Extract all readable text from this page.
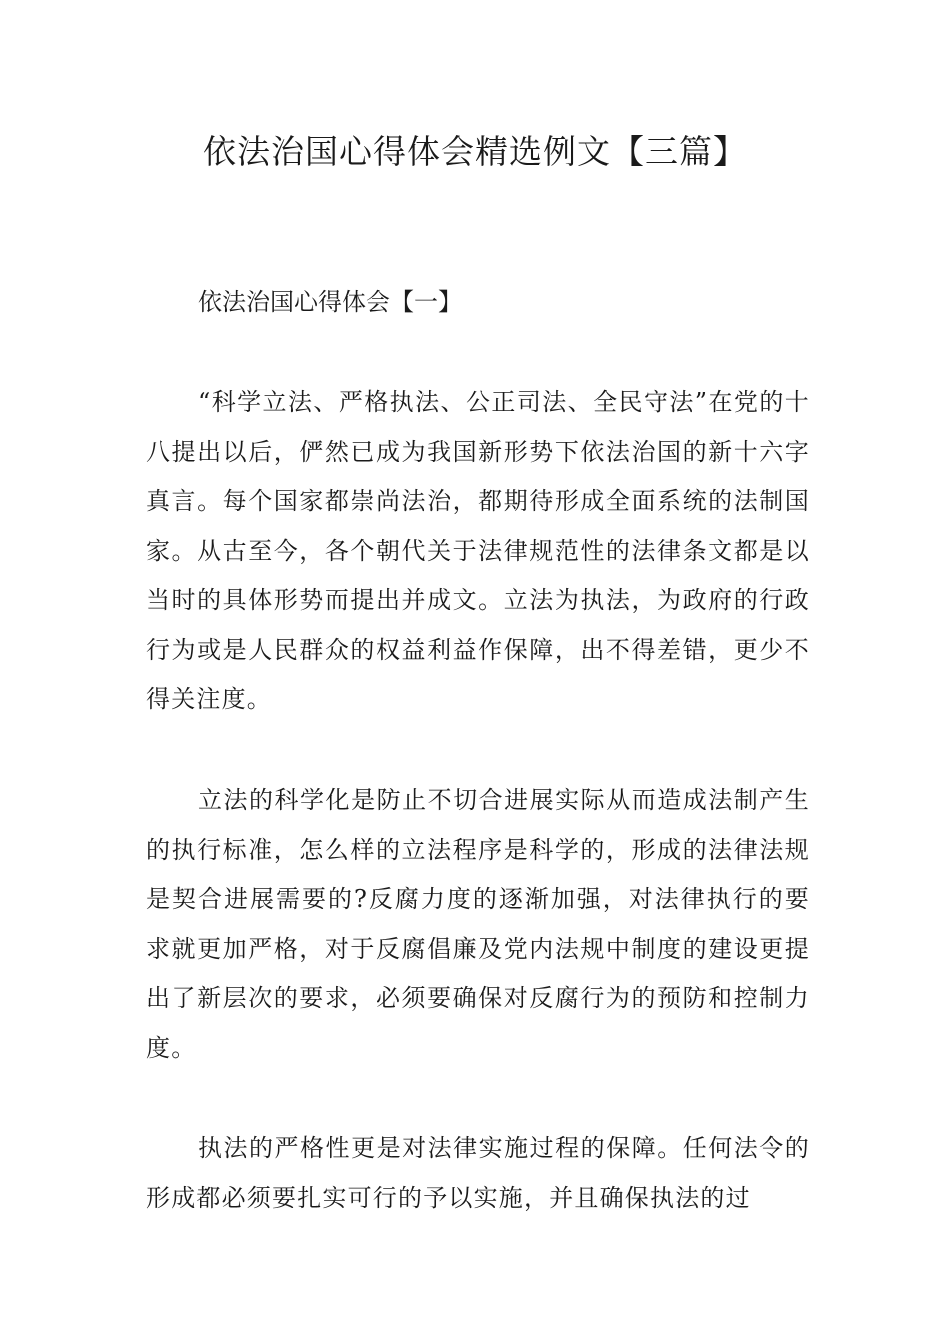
依法治国心得体会精选例文【三篇】
依法治国心得体会【一】

“科学立法、严格执法、公正司法、全民守法”在党的十八提出以后，俨然已成为我国新形势下依法治国的新十六字真言。每个国家都崇尚法治，都期待形成全面系统的法制国家。从古至今，各个朝代关于法律规范性的法律条文都是以当时的具体形势而提出并成文。立法为执法，为政府的行政行为或是人民群众的权益利益作保障，出不得差错，更少不得关注度。

立法的科学化是防止不切合进展实际从而造成法制产生的执行标准，怎么样的立法程序是科学的，形成的法律法规是契合进展需要的?反腐力度的逐渐加强，对法律执行的要求就更加严格，对于反腐倡廉及党内法规中制度的建设更提出了新层次的要求，必须要确保对反腐行为的预防和控制力度。

执法的严格性更是对法律实施过程的保障。任何法令的形成都必须要扎实可行的予以实施，并且确保执法的过
